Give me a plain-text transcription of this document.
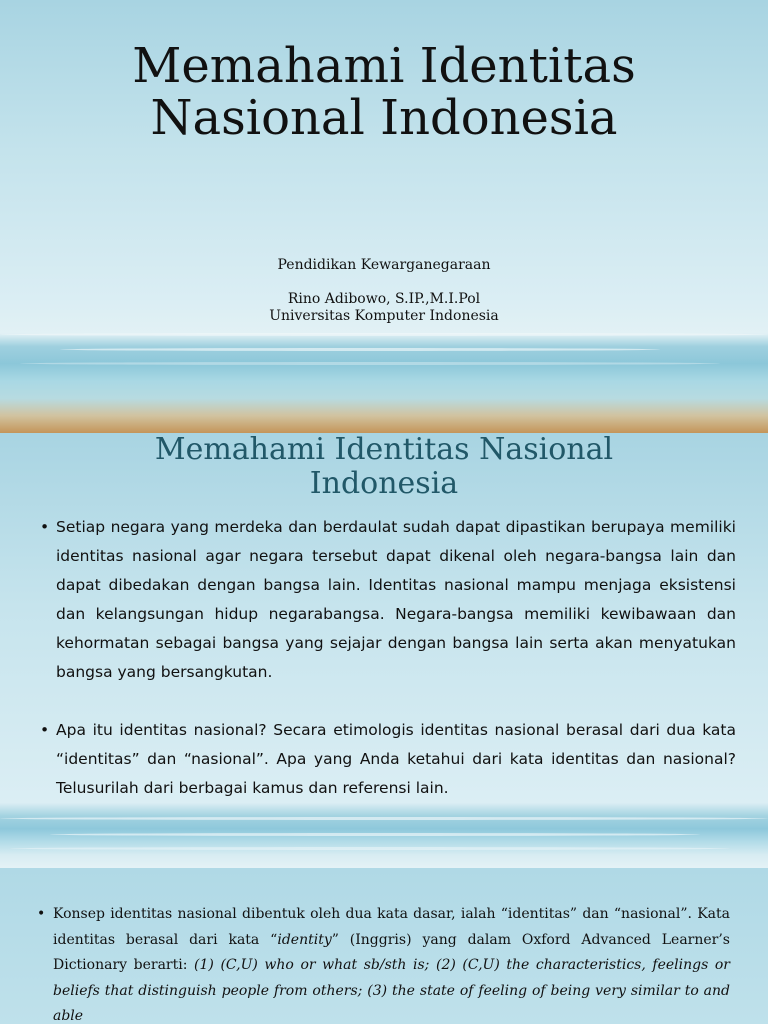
Memahami Identitas
Nasional Indonesia
Pendidikan Kewarganegaraan
Rino Adibowo, S.IP.,M.I.Pol
Universitas Komputer Indonesia
Memahami Identitas Nasional
Indonesia
• Setiap negara yang merdeka dan berdaulat sudah dapat dipastikan berupaya memiliki identitas nasional agar negara tersebut dapat dikenal oleh negara-bangsa lain dan dapat dibedakan dengan bangsa lain. Identitas nasional mampu menjaga eksistensi dan kelangsungan hidup negarabangsa. Negara-bangsa memiliki kewibawaan dan kehormatan sebagai bangsa yang sejajar dengan bangsa lain serta akan menyatukan bangsa yang bersangkutan.
• Apa itu identitas nasional? Secara etimologis identitas nasional berasal dari dua kata “identitas” dan “nasional”. Apa yang Anda ketahui dari kata identitas dan nasional? Telusurilah dari berbagai kamus dan referensi lain.
• Konsep identitas nasional dibentuk oleh dua kata dasar, ialah “identitas” dan “nasional”. Kata identitas berasal dari kata “identity” (Inggris) yang dalam Oxford Advanced Learner’s Dictionary berarti: (1) (C,U) who or what sb/sth is; (2) (C,U) the characteristics, feelings or beliefs that distinguish people from others; (3) the state of feeling of being very similar to and able
